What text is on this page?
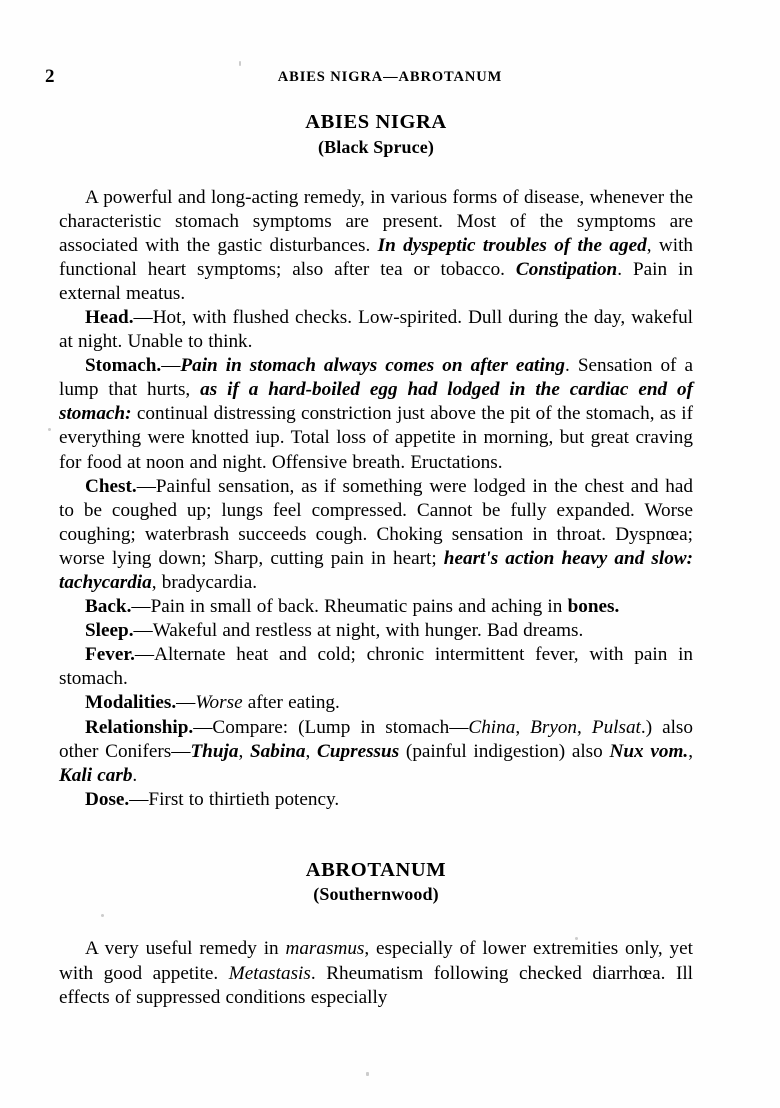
2	ABIES NIGRA—ABROTANUM
ABIES NIGRA
(Black Spruce)

A powerful and long-acting remedy, in various forms of disease, whenever the characteristic stomach symptoms are present. Most of the symptoms are associated with the gastic disturbances. In dyspeptic troubles of the aged, with functional heart symptoms; also after tea or tobacco. Constipation. Pain in external meatus.

Head.—Hot, with flushed checks. Low-spirited. Dull during the day, wakeful at night. Unable to think.

Stomach.—Pain in stomach always comes on after eating. Sensation of a lump that hurts, as if a hard-boiled egg had lodged in the cardiac end of stomach: continual distressing constriction just above the pit of the stomach, as if everything were knotted iup. Total loss of appetite in morning, but great craving for food at noon and night. Offensive breath. Eructations.

Chest.—Painful sensation, as if something were lodged in the chest and had to be coughed up; lungs feel compressed. Cannot be fully expanded. Worse coughing; waterbrash succeeds cough. Choking sensation in throat. Dyspnœa; worse lying down; Sharp, cutting pain in heart; heart's action heavy and slow: tachycardia, bradycardia.

Back.—Pain in small of back. Rheumatic pains and aching in bones.

Sleep.—Wakeful and restless at night, with hunger. Bad dreams.

Fever.—Alternate heat and cold; chronic intermittent fever, with pain in stomach.

Modalities.—Worse after eating.

Relationship.—Compare: (Lump in stomach—China, Bryon, Pulsat.) also other Conifers—Thuja, Sabina, Cupressus (painful indigestion) also Nux vom., Kali carb.

Dose.—First to thirtieth potency.

ABROTANUM
(Southernwood)

A very useful remedy in marasmus, especially of lower extremities only, yet with good appetite. Metastasis. Rheumatism following checked diarrhœa. Ill effects of suppressed conditions especially
